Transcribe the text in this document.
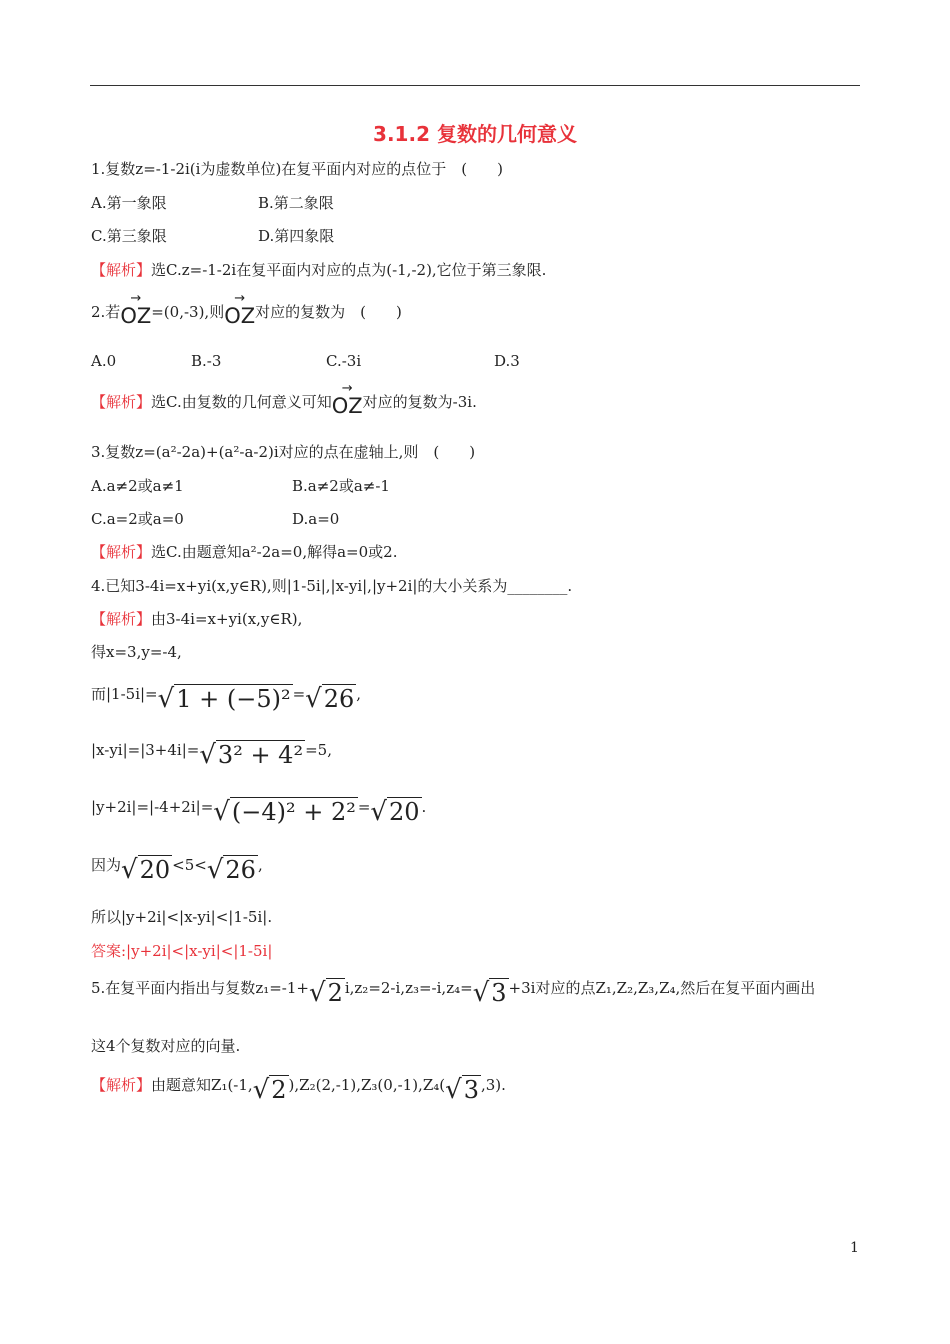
3.1.2 复数的几何意义
1.复数z=-1-2i(i为虚数单位)在复平面内对应的点位于　(　　)
A.第一象限	B.第二象限
C.第三象限	D.第四象限
【解析】选C.z=-1-2i在复平面内对应的点为(-1,-2),它位于第三象限.
2.若
→
OZ=(0,-3),则
→
OZ对应的复数为　(　　)
A.0	B.-3	C.-3i	D.3
【解析】选C.由复数的几何意义可知
→
OZ对应的复数为-3i.
3.复数z=(a²-2a)+(a²-a-2)i对应的点在虚轴上,则　(　　)
A.a≠2或a≠1	B.a≠2或a≠-1
C.a=2或a=0	D.a=0
【解析】选C.由题意知a²-2a=0,解得a=0或2.
4.已知3-4i=x+yi(x,y∈R),则|1-5i|,|x-yi|,|y+2i|的大小关系为________.
【解析】由3-4i=x+yi(x,y∈R),
得x=3,y=-4,
而|1-5i|=√1 + (−5)² =√26 ,
|x-yi|=|3+4i|=√3² + 4² =5,
|y+2i|=|-4+2i|=√(−4)² + 2² =√20 .
因为√20 <5<√26 ,
所以|y+2i|<|x-yi|<|1-5i|.
答案:|y+2i|<|x-yi|<|1-5i|
5.在复平面内指出与复数z₁=-1+√2 i,z₂=2-i,z₃=-i,z₄=√3 +3i对应的点Z₁,Z₂,Z₃,Z₄,然后在复平面内画出
这4个复数对应的向量.
【解析】由题意知Z₁(-1,√2 ),Z₂(2,-1),Z₃(0,-1),Z₄(√3 ,3).
1
